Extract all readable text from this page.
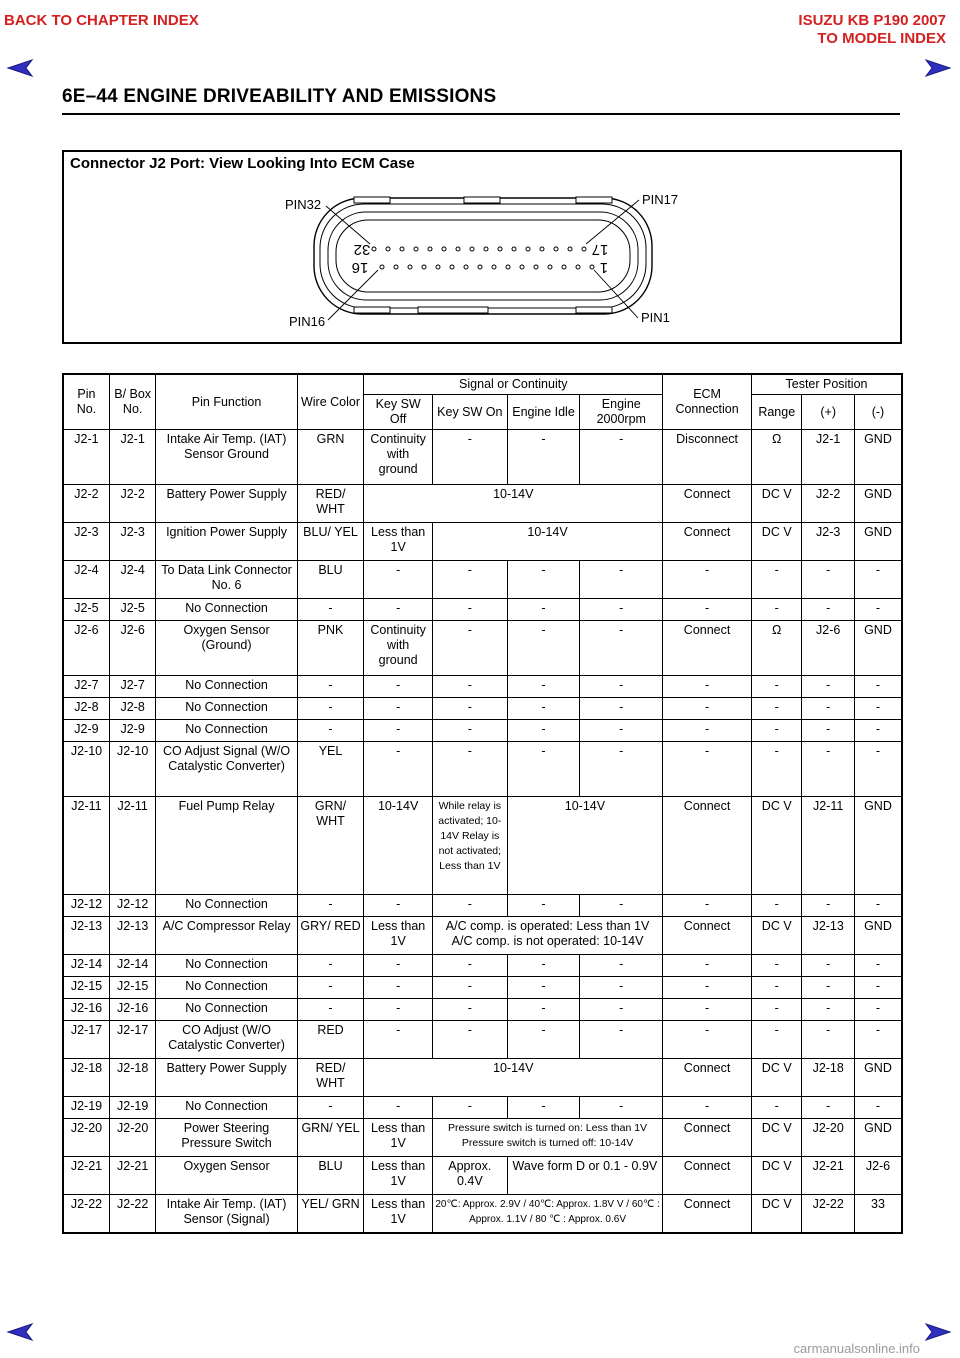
BACK TO CHAPTER INDEX	ISUZU KB P190 2007
TO MODEL INDEX
6E–44 ENGINE DRIVEABILITY AND EMISSIONS
Connector J2 Port: View Looking Into ECM Case
32	17
16	1
PIN32	PIN17
PIN16	PIN1
Pin No.	B/ Box No.	Pin Function	Wire Color	Signal or Continuity				ECM Connection	Tester Position		
				Key SW Off	Key SW On	Engine Idle	Engine 2000rpm		Range	(+)	(-)
J2-1	J2-1	Intake Air Temp. (IAT) Sensor Ground	GRN	Continuity with ground	-	-	-	Disconnect	Ω	J2-1	GND
J2-2	J2-2	Battery Power Supply	RED/ WHT	10-14V				Connect	DC V	J2-2	GND
J2-3	J2-3	Ignition Power Supply	BLU/ YEL	Less than 1V	10-14V			Connect	DC V	J2-3	GND
J2-4	J2-4	To Data Link Connector No. 6	BLU	-	-	-	-	-	-	-	-
J2-5	J2-5	No Connection	-	-	-	-	-	-	-	-	-
J2-6	J2-6	Oxygen Sensor (Ground)	PNK	Continuity with ground	-	-	-	Connect	Ω	J2-6	GND
J2-7	J2-7	No Connection	-	-	-	-	-	-	-	-	-
J2-8	J2-8	No Connection	-	-	-	-	-	-	-	-	-
J2-9	J2-9	No Connection	-	-	-	-	-	-	-	-	-
J2-10	J2-10	CO Adjust Signal (W/O Catalystic Converter)	YEL	-	-	-	-	-	-	-	-
J2-11	J2-11	Fuel Pump Relay	GRN/ WHT	10-14V	While relay is activated; 10-14V Relay is not activated; Less than 1V	10-14V		Connect	DC V	J2-11	GND
J2-12	J2-12	No Connection	-	-	-	-	-	-	-	-	-
J2-13	J2-13	A/C Compressor Relay	GRY/ RED	Less than 1V	A/C comp. is operated: Less than 1V A/C comp. is not operated: 10-14V			Connect	DC V	J2-13	GND
J2-14	J2-14	No Connection	-	-	-	-	-	-	-	-	-
J2-15	J2-15	No Connection	-	-	-	-	-	-	-	-	-
J2-16	J2-16	No Connection	-	-	-	-	-	-	-	-	-
J2-17	J2-17	CO Adjust (W/O Catalystic Converter)	RED	-	-	-	-	-	-	-	-
J2-18	J2-18	Battery Power Supply	RED/ WHT	10-14V				Connect	DC V	J2-18	GND
J2-19	J2-19	No Connection	-	-	-	-	-	-	-	-	-
J2-20	J2-20	Power Steering Pressure Switch	GRN/ YEL	Less than 1V	Pressure switch is turned on: Less than 1V Pressure switch is turned off: 10-14V			Connect	DC V	J2-20	GND
J2-21	J2-21	Oxygen Sensor	BLU	Less than 1V	Approx. 0.4V	Wave form D or 0.1 - 0.9V		Connect	DC V	J2-21	J2-6
J2-22	J2-22	Intake Air Temp. (IAT) Sensor (Signal)	YEL/ GRN	Less than 1V	20℃: Approx. 2.9V / 40℃: Approx. 1.8V V / 60℃ : Approx. 1.1V / 80 ℃ : Approx. 0.6V			Connect	DC V	J2-22	33
carmanualsonline.info
